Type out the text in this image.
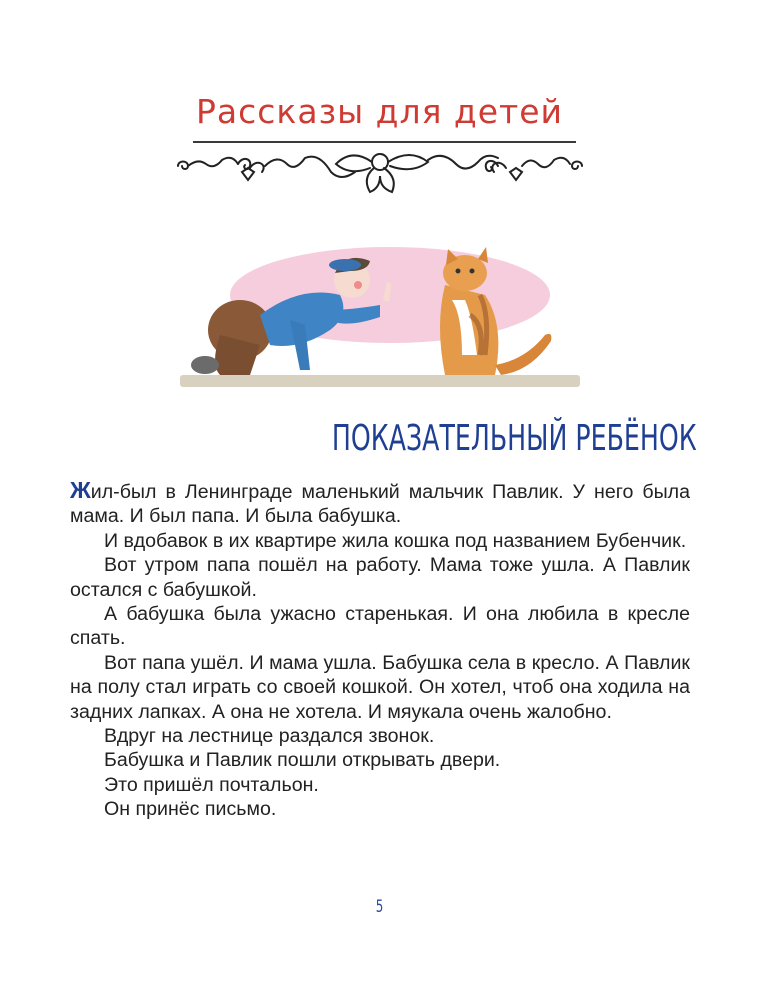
Рассказы для детей
ПОКАЗАТЕЛЬНЫЙ РЕБЁНОК

Жил-был в Ленинграде маленький мальчик Павлик. У него была мама. И был папа. И была бабушка.

И вдобавок в их квартире жила кошка под названием Бубенчик.

Вот утром папа пошёл на работу. Мама тоже ушла. А Павлик остался с бабушкой.

А бабушка была ужасно старенькая. И она любила в кресле спать.

Вот папа ушёл. И мама ушла. Бабушка села в кресло. А Павлик на полу стал играть со своей кошкой. Он хотел, чтоб она ходила на задних лапках. А она не хотела. И мяукала очень жалобно.

Вдруг на лестнице раздался звонок.

Бабушка и Павлик пошли открывать двери.

Это пришёл почтальон.

Он принёс письмо.

5
